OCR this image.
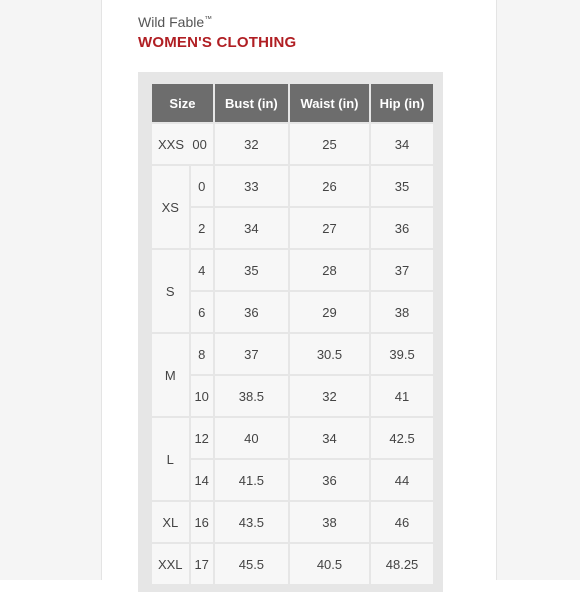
Wild Fable™
WOMEN'S CLOTHING
Size		Bust (in)	Waist (in)	Hip (in)

XXS 00		32	25	34
XS	0	33	26	35
	2	34	27	36
S	4	35	28	37
	6	36	29	38
M	8	37	30.5	39.5
	10	38.5	32	41
L	12	40	34	42.5
	14	41.5	36	44
XL	16	43.5	38	46
XXL	17	45.5	40.5	48.25
